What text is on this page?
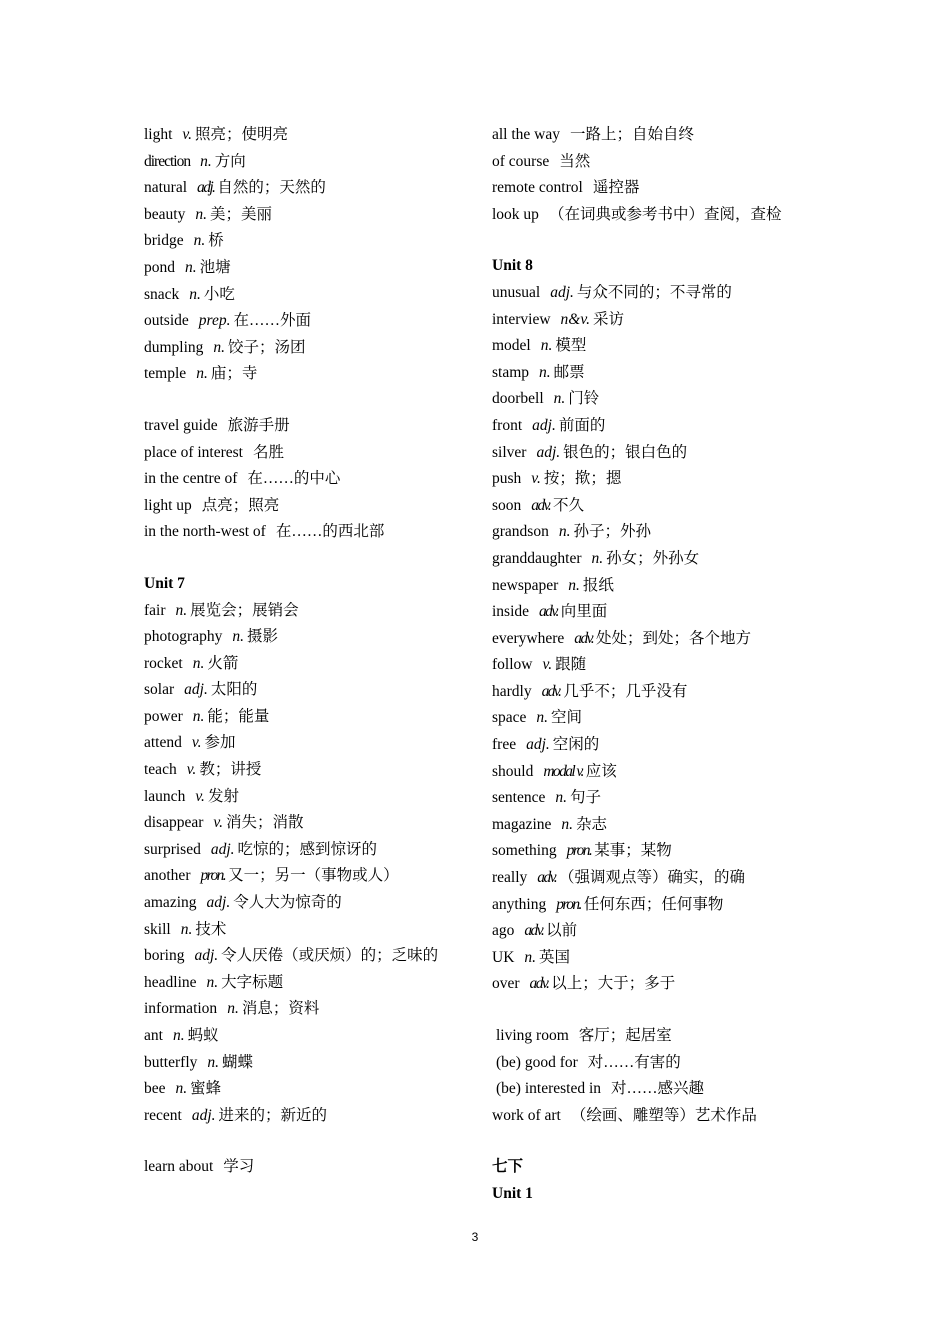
light v. 照亮；使明亮
direction n. 方向
natural adj. 自然的；天然的
beauty n. 美；美丽
bridge n. 桥
pond n. 池塘
snack n. 小吃
outside prep. 在……外面
dumpling n. 饺子；汤团
temple n. 庙；寺
travel guide 旅游手册
place of interest 名胜
in the centre of 在……的中心
light up 点亮；照亮
in the north-west of 在……的西北部
Unit 7
fair n. 展览会；展销会
photography n. 摄影
rocket n. 火箭
solar adj. 太阳的
power n. 能；能量
attend v. 参加
teach v. 教；讲授
launch v. 发射
disappear v. 消失；消散
surprised adj. 吃惊的；感到惊讶的
another pron. 又一；另一（事物或人）
amazing adj. 令人大为惊奇的
skill n. 技术
boring adj. 令人厌倦（或厌烦）的；乏味的
headline n. 大字标题
information n. 消息；资料
ant n. 蚂蚁
butterfly n. 蝴蝶
bee n. 蜜蜂
recent adj. 进来的；新近的
learn about 学习
all the way 一路上；自始自终
of course 当然
remote control 遥控器
look up （在词典或参考书中）查阅，查检
Unit 8
unusual adj. 与众不同的；不寻常的
interview n&v. 采访
model n. 模型
stamp n. 邮票
doorbell n. 门铃
front adj. 前面的
silver adj. 银色的；银白色的
push v. 按；揿；摁
soon adv. 不久
grandson n. 孙子；外孙
granddaughter n. 孙女；外孙女
newspaper n. 报纸
inside adv. 向里面
everywhere adv. 处处；到处；各个地方
follow v. 跟随
hardly adv. 几乎不；几乎没有
space n. 空间
free adj. 空闲的
should modal v. 应该
sentence n. 句子
magazine n. 杂志
something pron. 某事；某物
really adv. （强调观点等）确实，的确
anything pron. 任何东西；任何事物
ago adv. 以前
UK n. 英国
over adv. 以上；大于；多于
living room 客厅；起居室
(be) good for 对……有害的
(be) interested in 对……感兴趣
work of art （绘画、雕塑等）艺术作品
七下
Unit 1
3
